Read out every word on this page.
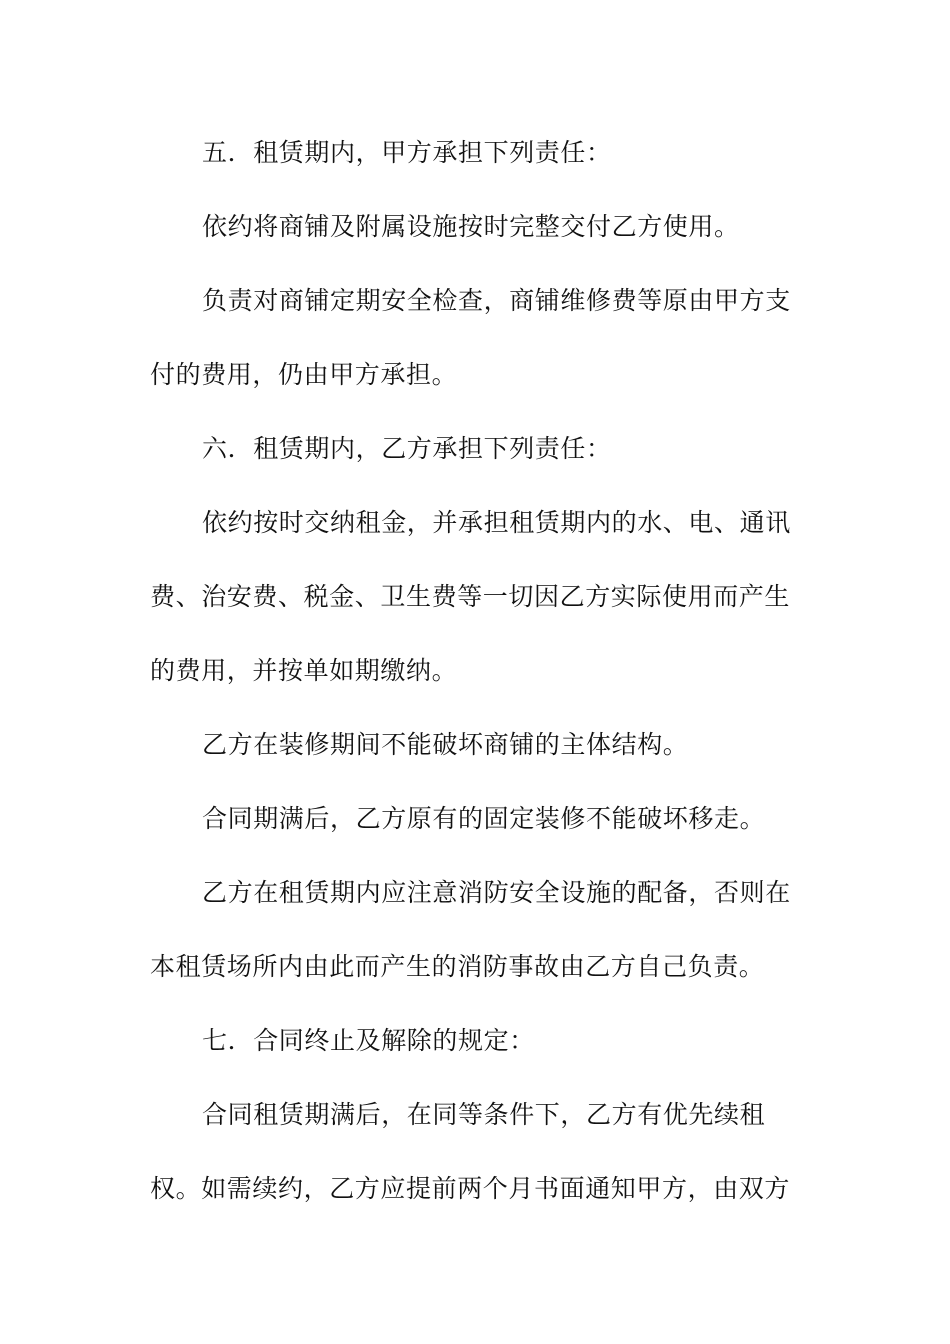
五．租赁期内，甲方承担下列责任：
依约将商铺及附属设施按时完整交付乙方使用。
负责对商铺定期安全检查，商铺维修费等原由甲方支
付的费用，仍由甲方承担。
六．租赁期内，乙方承担下列责任：
依约按时交纳租金，并承担租赁期内的水、电、通讯
费、治安费、税金、卫生费等一切因乙方实际使用而产生
的费用，并按单如期缴纳。
乙方在装修期间不能破坏商铺的主体结构。
合同期满后，乙方原有的固定装修不能破坏移走。
乙方在租赁期内应注意消防安全设施的配备，否则在
本租赁场所内由此而产生的消防事故由乙方自己负责。
七．合同终止及解除的规定：
合同租赁期满后，在同等条件下，乙方有优先续租
权。如需续约，乙方应提前两个月书面通知甲方，由双方
